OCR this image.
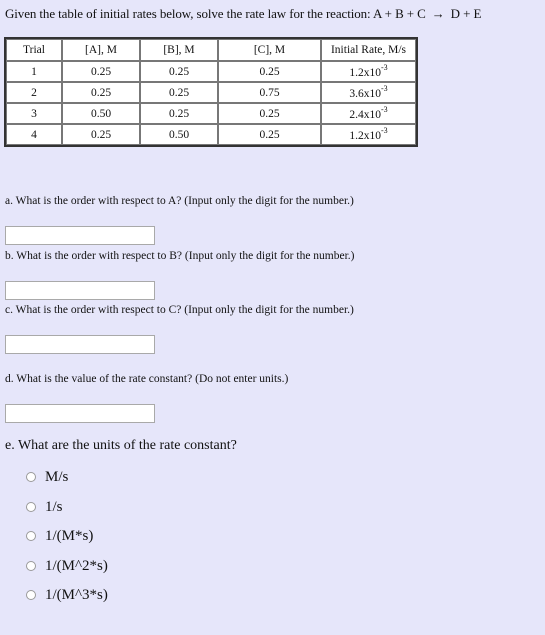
Given the table of initial rates below, solve the rate law for the reaction: A + B + C → D + E
Trial	[A], M	[B], M	[C], M	Initial Rate, M/s
1	0.25	0.25	0.25	$1.2x10^{-3}$
2	0.25	0.25	0.75	$3.6x10^{-3}$
3	0.50	0.25	0.25	$2.4x10^{-3}$
4	0.25	0.50	0.25	$1.2x10^{-3}$
a. What is the order with respect to A? (Input only the digit for the number.)
b. What is the order with respect to B? (Input only the digit for the number.)
c. What is the order with respect to C? (Input only the digit for the number.)
d. What is the value of the rate constant? (Do not enter units.)
e. What are the units of the rate constant?
M/s
1/s
1/(M*s)
1/(M^2*s)
1/(M^3*s)
